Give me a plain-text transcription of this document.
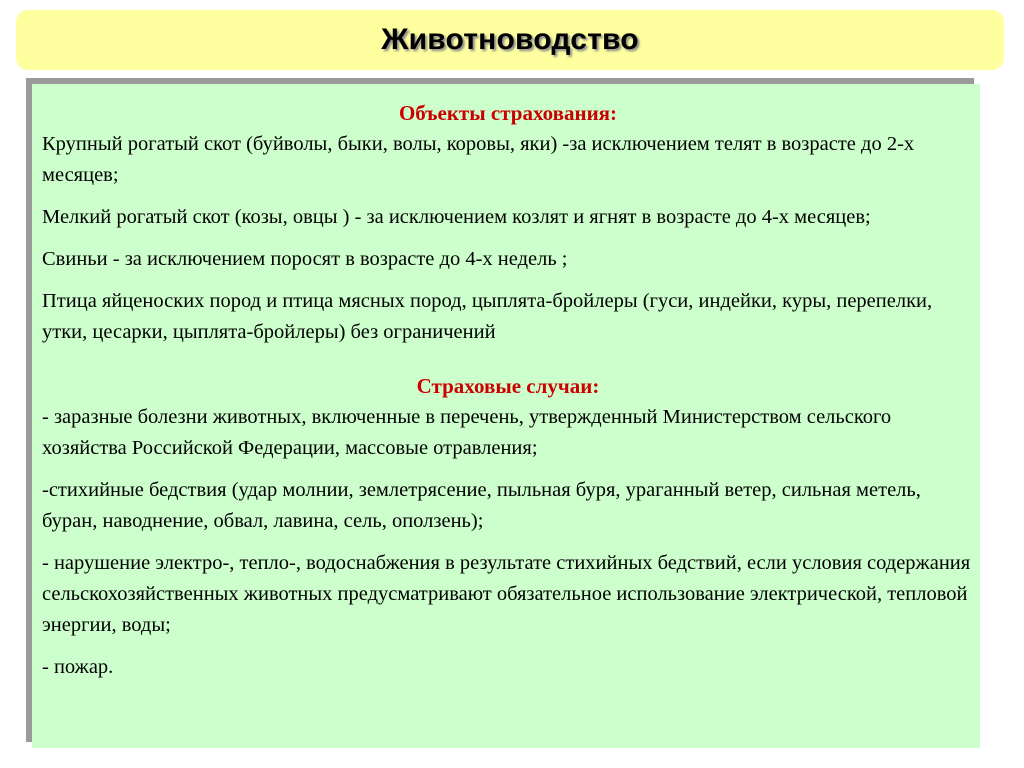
Животноводство
Объекты страхования:
Крупный рогатый скот (буйволы, быки, волы, коровы, яки) -за исключением телят в возрасте до 2-х месяцев;
Мелкий рогатый скот (козы, овцы ) - за исключением козлят и ягнят в возрасте до 4-х месяцев;
Свиньи - за исключением поросят в возрасте до 4-х недель ;
Птица яйценоских пород и птица мясных пород, цыплята-бройлеры (гуси, индейки, куры, перепелки, утки, цесарки, цыплята-бройлеры) без ограничений
Страховые случаи:
- заразные болезни животных, включенные в перечень, утвержденный Министерством сельского хозяйства Российской Федерации, массовые отравления;
-стихийные бедствия (удар молнии, землетрясение, пыльная буря, ураганный ветер, сильная метель, буран, наводнение, обвал, лавина, сель, оползень);
- нарушение электро-, тепло-, водоснабжения в результате стихийных бедствий, если условия содержания сельскохозяйственных животных предусматривают обязательное использование электрической, тепловой энергии, воды;
- пожар.
